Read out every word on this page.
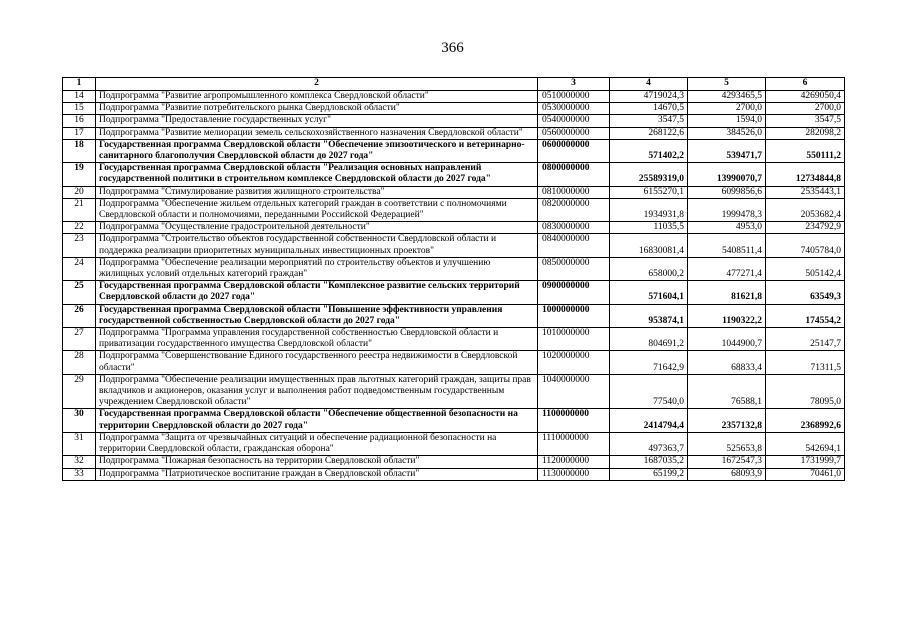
366
1	2	3	4	5	6
14	Подпрограмма "Развитие агропромышленного комплекса Свердловской области"	0510000000	4719024,3	4293465,5	4269050,4
15	Подпрограмма "Развитие потребительского рынка Свердловской области"	0530000000	14670,5	2700,0	2700,0
16	Подпрограмма "Предоставление государственных услуг"	0540000000	3547,5	1594,0	3547,5
17	Подпрограмма "Развитие мелиорации земель сельскохозяйственного назначения Свердловской области"	0560000000	268122,6	384526,0	282098,2
18	Государственная программа Свердловской области "Обеспечение эпизоотического и ветеринарно-санитарного благополучия Свердловской области до 2027 года"	0600000000	571402,2	539471,7	550111,2
19	Государственная программа Свердловской области "Реализация основных направлений государственной политики в строительном комплексе Свердловской области до 2027 года"	0800000000	25589319,0	13990070,7	12734844,8
20	Подпрограмма "Стимулирование развития жилищного строительства"	0810000000	6155270,1	6099856,6	2535443,1
21	Подпрограмма "Обеспечение жильем отдельных категорий граждан в соответствии с полномочиями Свердловской области и полномочиями, переданными Российской Федерацией"	0820000000	1934931,8	1999478,3	2053682,4
22	Подпрограмма "Осуществление градостроительной деятельности"	0830000000	11035,5	4953,0	234792,9
23	Подпрограмма "Строительство объектов государственной собственности Свердловской области и поддержка реализации приоритетных муниципальных инвестиционных проектов"	0840000000	16830081,4	5408511,4	7405784,0
24	Подпрограмма "Обеспечение реализации мероприятий по строительству объектов и улучшению жилищных условий отдельных категорий граждан"	0850000000	658000,2	477271,4	505142,4
25	Государственная программа Свердловской области "Комплексное развитие сельских территорий Свердловской области до 2027 года"	0900000000	571604,1	81621,8	63549,3
26	Государственная программа Свердловской области "Повышение эффективности управления государственной собственностью Свердловской области до 2027 года"	1000000000	953874,1	1190322,2	174554,2
27	Подпрограмма "Программа управления государственной собственностью Свердловской области и приватизации государственного имущества Свердловской области"	1010000000	804691,2	1044900,7	25147,7
28	Подпрограмма "Совершенствование Единого государственного реестра недвижимости в Свердловской области"	1020000000	71642,9	68833,4	71311,5
29	Подпрограмма "Обеспечение реализации имущественных прав льготных категорий граждан, защиты прав вкладчиков и акционеров, оказания услуг и выполнения работ подведомственным государственным учреждением Свердловской области"	1040000000	77540,0	76588,1	78095,0
30	Государственная программа Свердловской области "Обеспечение общественной безопасности на территории Свердловской области до 2027 года"	1100000000	2414794,4	2357132,8	2368992,6
31	Подпрограмма "Защита от чрезвычайных ситуаций и обеспечение радиационной безопасности на территории Свердловской области, гражданская оборона"	1110000000	497363,7	525653,8	542694,1
32	Подпрограмма "Пожарная безопасность на территории Свердловской области"	1120000000	1687035,2	1672547,3	1731999,7
33	Подпрограмма "Патриотическое воспитание граждан в Свердловской области"	1130000000	65199,2	68093,9	70461,0
